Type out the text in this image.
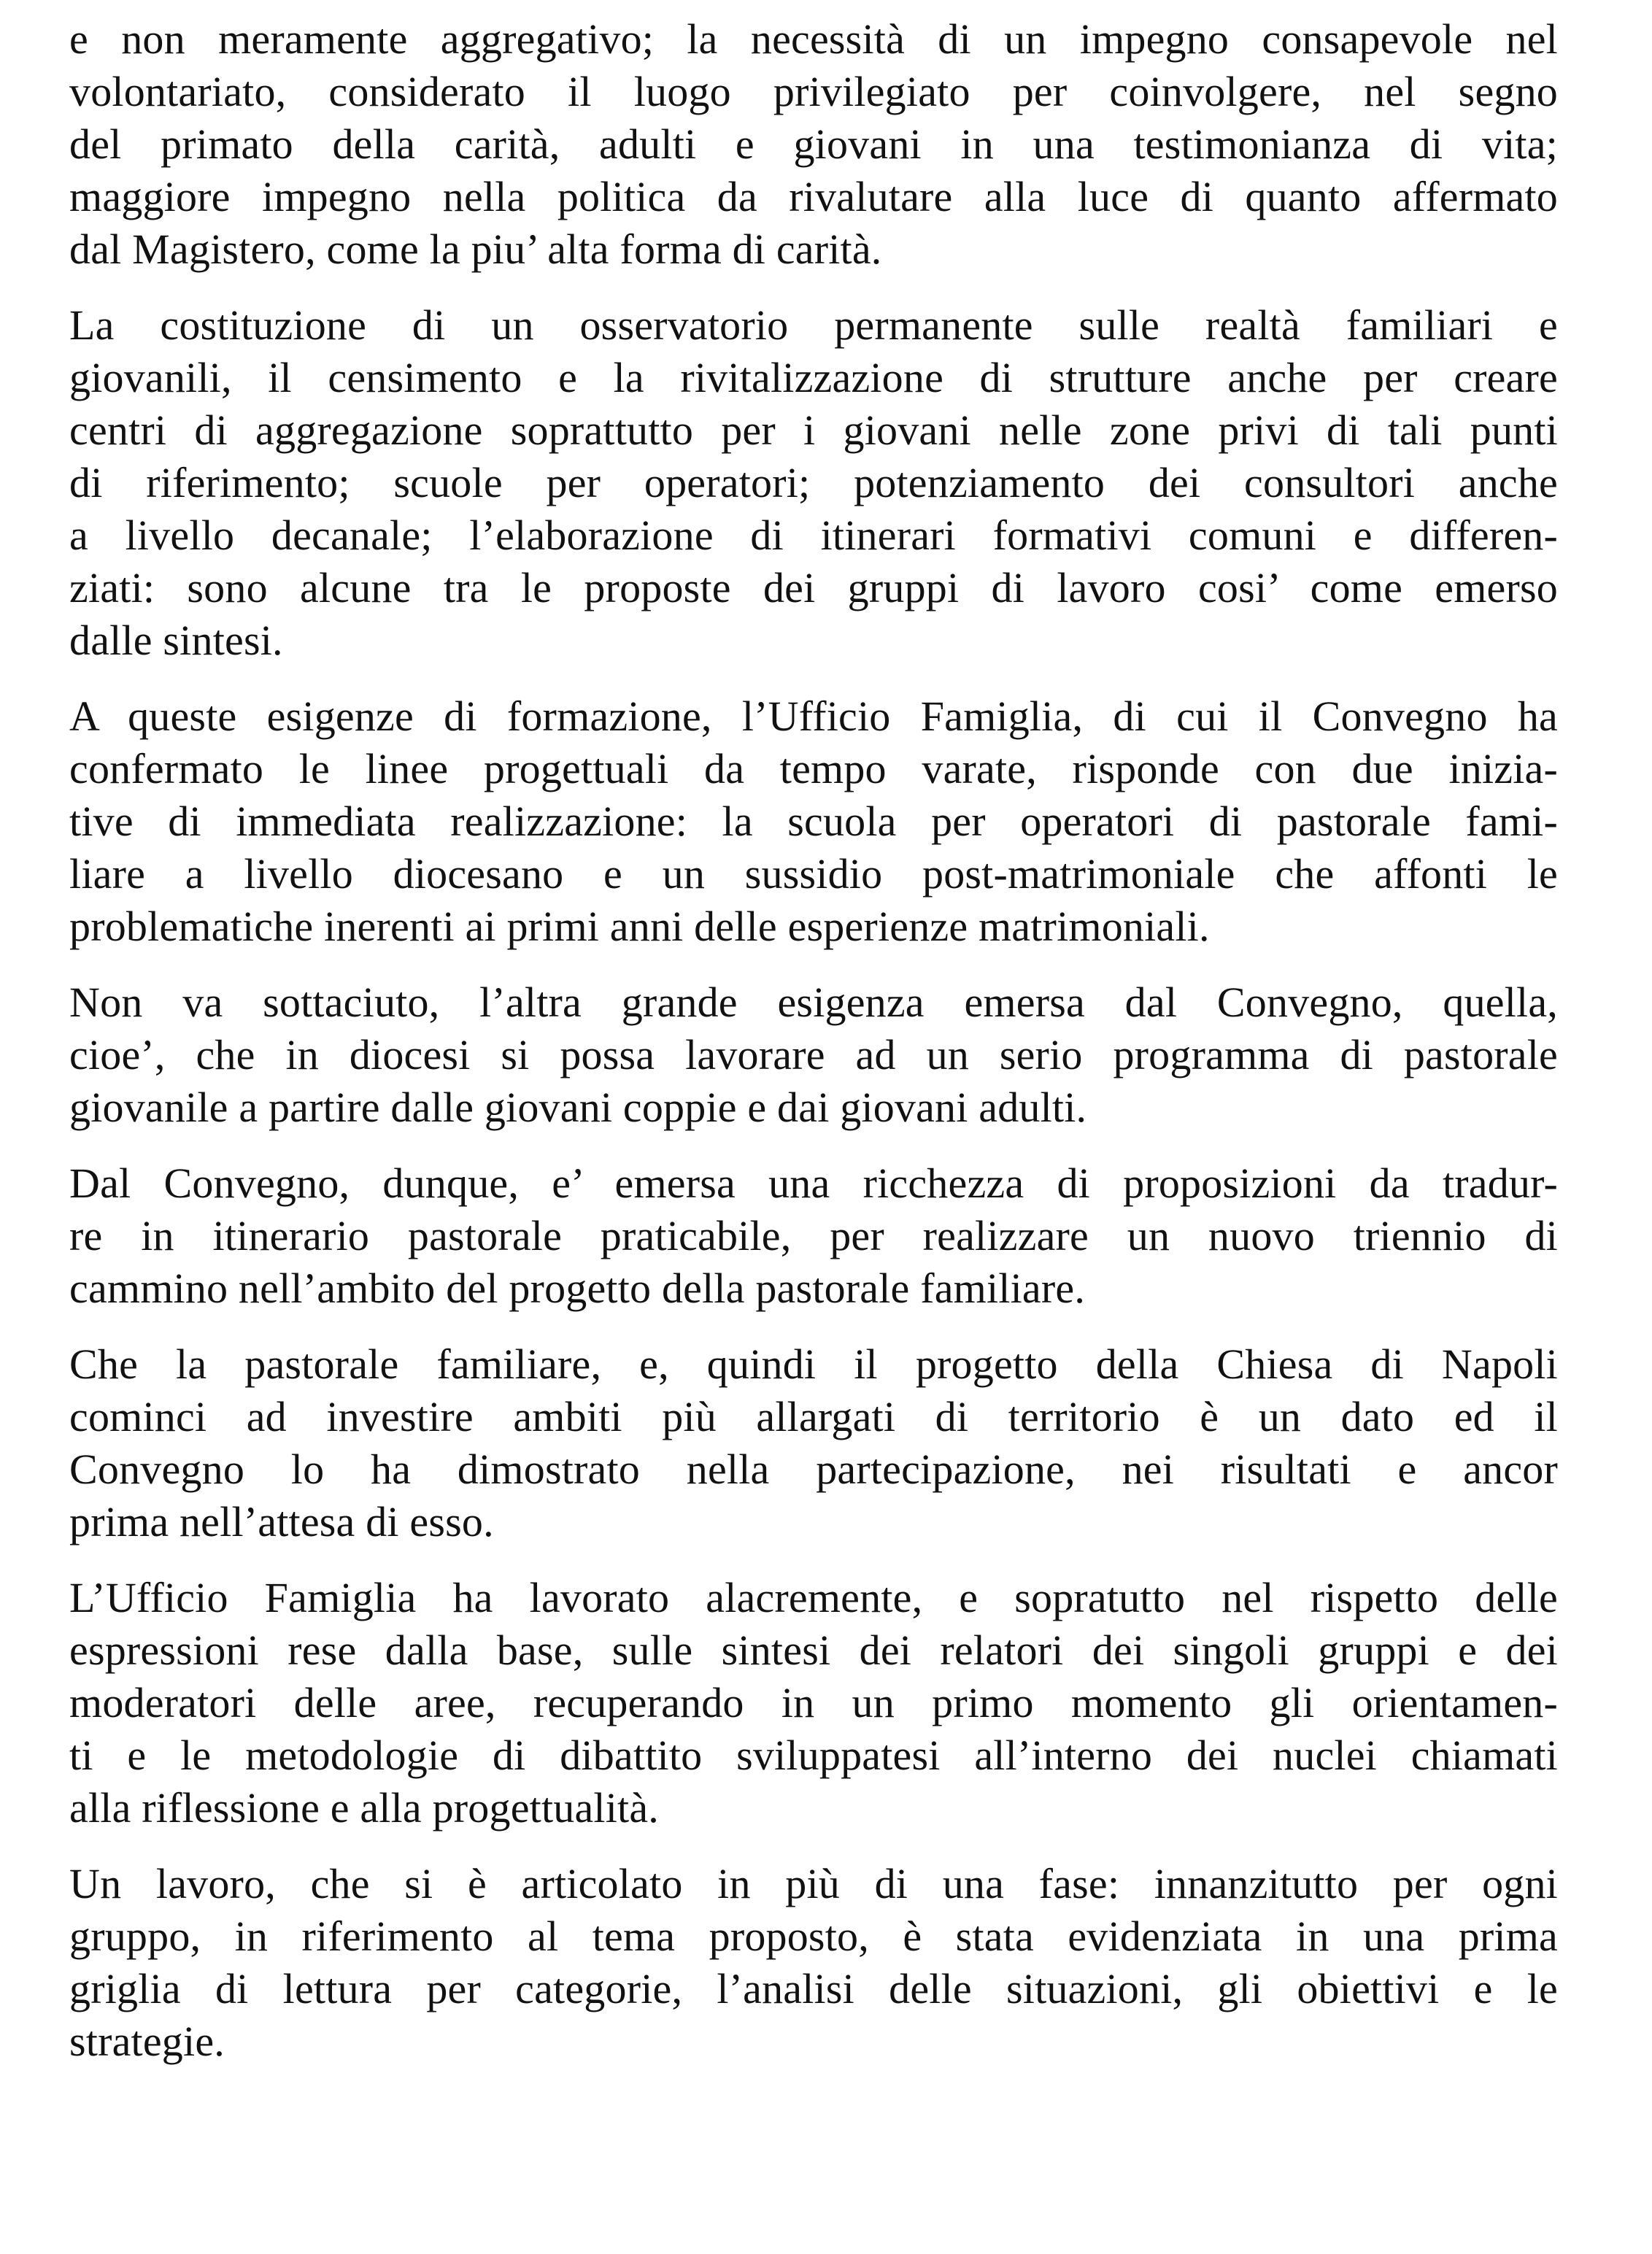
e non meramente aggregativo; la necessità di un impegno consapevole nel
volontariato, considerato il luogo privilegiato per coinvolgere, nel segno
del primato della carità, adulti e giovani in una testimonianza di vita;
maggiore impegno nella politica da rivalutare alla luce di quanto affermato
dal Magistero, come la piu’ alta forma di carità.

La costituzione di un osservatorio permanente sulle realtà familiari e
giovanili, il censimento e la rivitalizzazione di strutture anche per creare
centri di aggregazione soprattutto per i giovani nelle zone privi di tali punti
di riferimento; scuole per operatori; potenziamento dei consultori anche
a livello decanale; l’elaborazione di itinerari formativi comuni e differen-
ziati: sono alcune tra le proposte dei gruppi di lavoro cosi’ come emerso
dalle sintesi.

A queste esigenze di formazione, l’Ufficio Famiglia, di cui il Convegno ha
confermato le linee progettuali da tempo varate, risponde con due inizia-
tive di immediata realizzazione: la scuola per operatori di pastorale fami-
liare a livello diocesano e un sussidio post-matrimoniale che affonti le
problematiche inerenti ai primi anni delle esperienze matrimoniali.

Non va sottaciuto, l’altra grande esigenza emersa dal Convegno, quella,
cioe’, che in diocesi si possa lavorare ad un serio programma di pastorale
giovanile a partire dalle giovani coppie e dai giovani adulti.

Dal Convegno, dunque, e’ emersa una ricchezza di proposizioni da tradur-
re in itinerario pastorale praticabile, per realizzare un nuovo triennio di
cammino nell’ambito del progetto della pastorale familiare.

Che la pastorale familiare, e, quindi il progetto della Chiesa di Napoli
cominci ad investire ambiti più allargati di territorio è un dato ed il
Convegno lo ha dimostrato nella partecipazione, nei risultati e ancor
prima nell’attesa di esso.

L’Ufficio Famiglia ha lavorato alacremente, e sopratutto nel rispetto delle
espressioni rese dalla base, sulle sintesi dei relatori dei singoli gruppi e dei
moderatori delle aree, recuperando in un primo momento gli orientamen-
ti e le metodologie di dibattito sviluppatesi all’interno dei nuclei chiamati
alla riflessione e alla progettualità.

Un lavoro, che si è articolato in più di una fase: innanzitutto per ogni
gruppo, in riferimento al tema proposto, è stata evidenziata in una prima
griglia di lettura per categorie, l’analisi delle situazioni, gli obiettivi e le
strategie.
